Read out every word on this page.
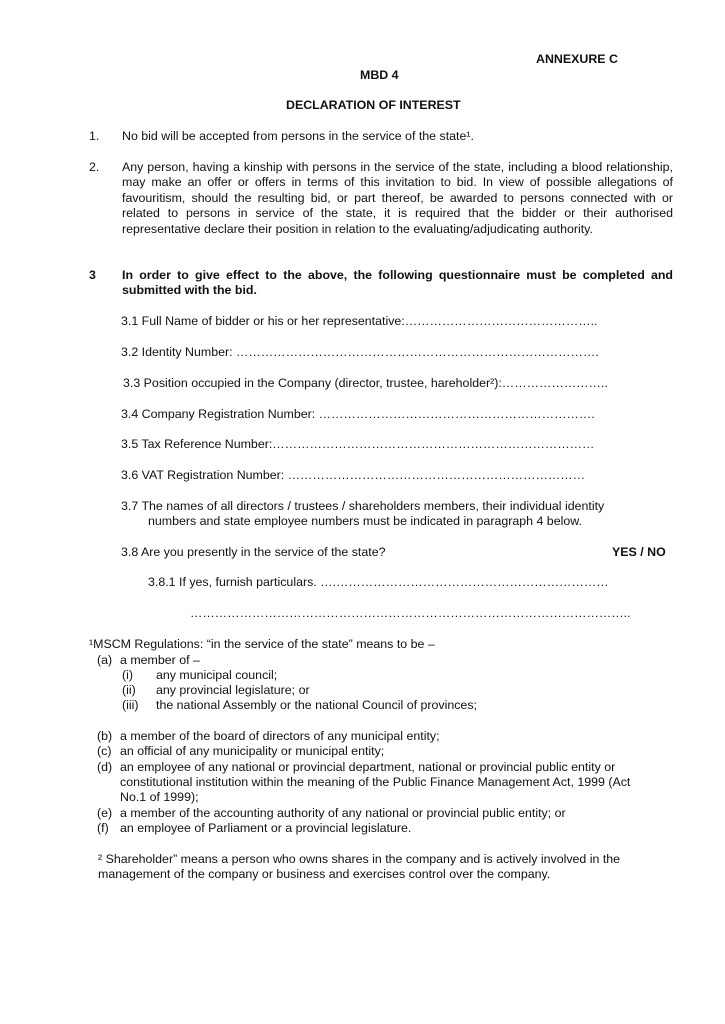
ANNEXURE C
MBD 4
DECLARATION OF INTEREST
1. No bid will be accepted from persons in the service of the state¹.
2. Any person, having a kinship with persons in the service of the state, including a blood relationship, may make an offer or offers in terms of this invitation to bid. In view of possible allegations of favouritism, should the resulting bid, or part thereof, be awarded to persons connected with or related to persons in service of the state, it is required that the bidder or their authorised representative declare their position in relation to the evaluating/adjudicating authority.
3 In order to give effect to the above, the following questionnaire must be completed and submitted with the bid.
3.1 Full Name of bidder or his or her representative:………………………………………..
3.2 Identity Number: …………………………………………………………………………….
3.3 Position occupied in the Company (director, trustee, hareholder²):……………………..
3.4 Company Registration Number: ………………………………………………………….
3.5 Tax Reference Number:……………………………………………………………………
3.6 VAT Registration Number: ………………………………………………………………
3.7 The names of all directors / trustees / shareholders members, their individual identity
numbers and state employee numbers must be indicated in paragraph 4 below.
3.8 Are you presently in the service of the state?	YES / NO
3.8.1 If yes, furnish particulars. ….…………………………………………………………
……………………………………………………………………………………………..
¹MSCM Regulations: “in the service of the state” means to be –
(a) a member of –
(i) any municipal council;
(ii) any provincial legislature; or
(iii) the national Assembly or the national Council of provinces;
(b) a member of the board of directors of any municipal entity;
(c) an official of any municipality or municipal entity;
(d) an employee of any national or provincial department, national or provincial public entity or
constitutional institution within the meaning of the Public Finance Management Act, 1999 (Act
No.1 of 1999);
(e) a member of the accounting authority of any national or provincial public entity; or
(f) an employee of Parliament or a provincial legislature.
² Shareholder” means a person who owns shares in the company and is actively involved in the
management of the company or business and exercises control over the company.
